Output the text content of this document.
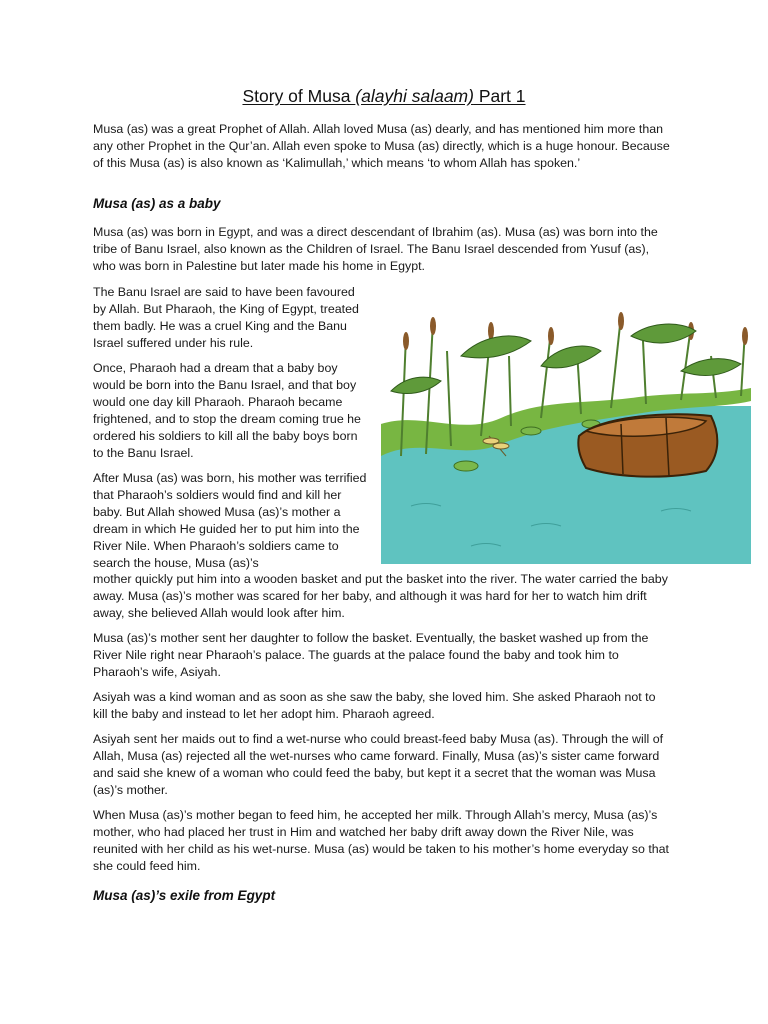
Story of Musa (alayhi salaam) Part 1

Musa (as) was a great Prophet of Allah. Allah loved Musa (as) dearly, and has mentioned him more than any other Prophet in the Qur’an. Allah even spoke to Musa (as) directly, which is a huge honour. Because of this Musa (as) is also known as ‘Kalimullah,’ which means ‘to whom Allah has spoken.’

Musa (as) as a baby

Musa (as) was born in Egypt, and was a direct descendant of Ibrahim (as). Musa (as) was born into the tribe of Banu Israel, also known as the Children of Israel. The Banu Israel descended from Yusuf (as), who was born in Palestine but later made his home in Egypt.

The Banu Israel are said to have been favoured by Allah. But Pharaoh, the King of Egypt, treated them badly. He was a cruel King and the Banu Israel suffered under his rule.

Once, Pharaoh had a dream that a baby boy would be born into the Banu Israel, and that boy would one day kill Pharaoh. Pharaoh became frightened, and to stop the dream coming true he ordered his soldiers to kill all the baby boys born to the Banu Israel.

After Musa (as) was born, his mother was terrified that Pharaoh’s soldiers would find and kill her baby. But Allah showed Musa (as)’s mother a dream in which He guided her to put him into the River Nile. When Pharaoh’s soldiers came to search the house, Musa (as)’s

mother quickly put him into a wooden basket and put the basket into the river. The water carried the baby away. Musa (as)’s mother was scared for her baby, and although it was hard for her to watch him drift away, she believed Allah would look after him.

Musa (as)’s mother sent her daughter to follow the basket. Eventually, the basket washed up from the River Nile right near Pharaoh’s palace. The guards at the palace found the baby and took him to Pharaoh’s wife, Asiyah.

Asiyah was a kind woman and as soon as she saw the baby, she loved him. She asked Pharaoh not to kill the baby and instead to let her adopt him. Pharaoh agreed.

Asiyah sent her maids out to find a wet-nurse who could breast-feed baby Musa (as). Through the will of Allah, Musa (as) rejected all the wet-nurses who came forward. Finally, Musa (as)’s sister came forward and said she knew of a woman who could feed the baby, but kept it a secret that the woman was Musa (as)’s mother.

When Musa (as)’s mother began to feed him, he accepted her milk. Through Allah’s mercy, Musa (as)’s mother, who had placed her trust in Him and watched her baby drift away down the River Nile, was reunited with her child as his wet-nurse. Musa (as) would be taken to his mother’s home everyday so that she could feed him.

Musa (as)’s exile from Egypt
